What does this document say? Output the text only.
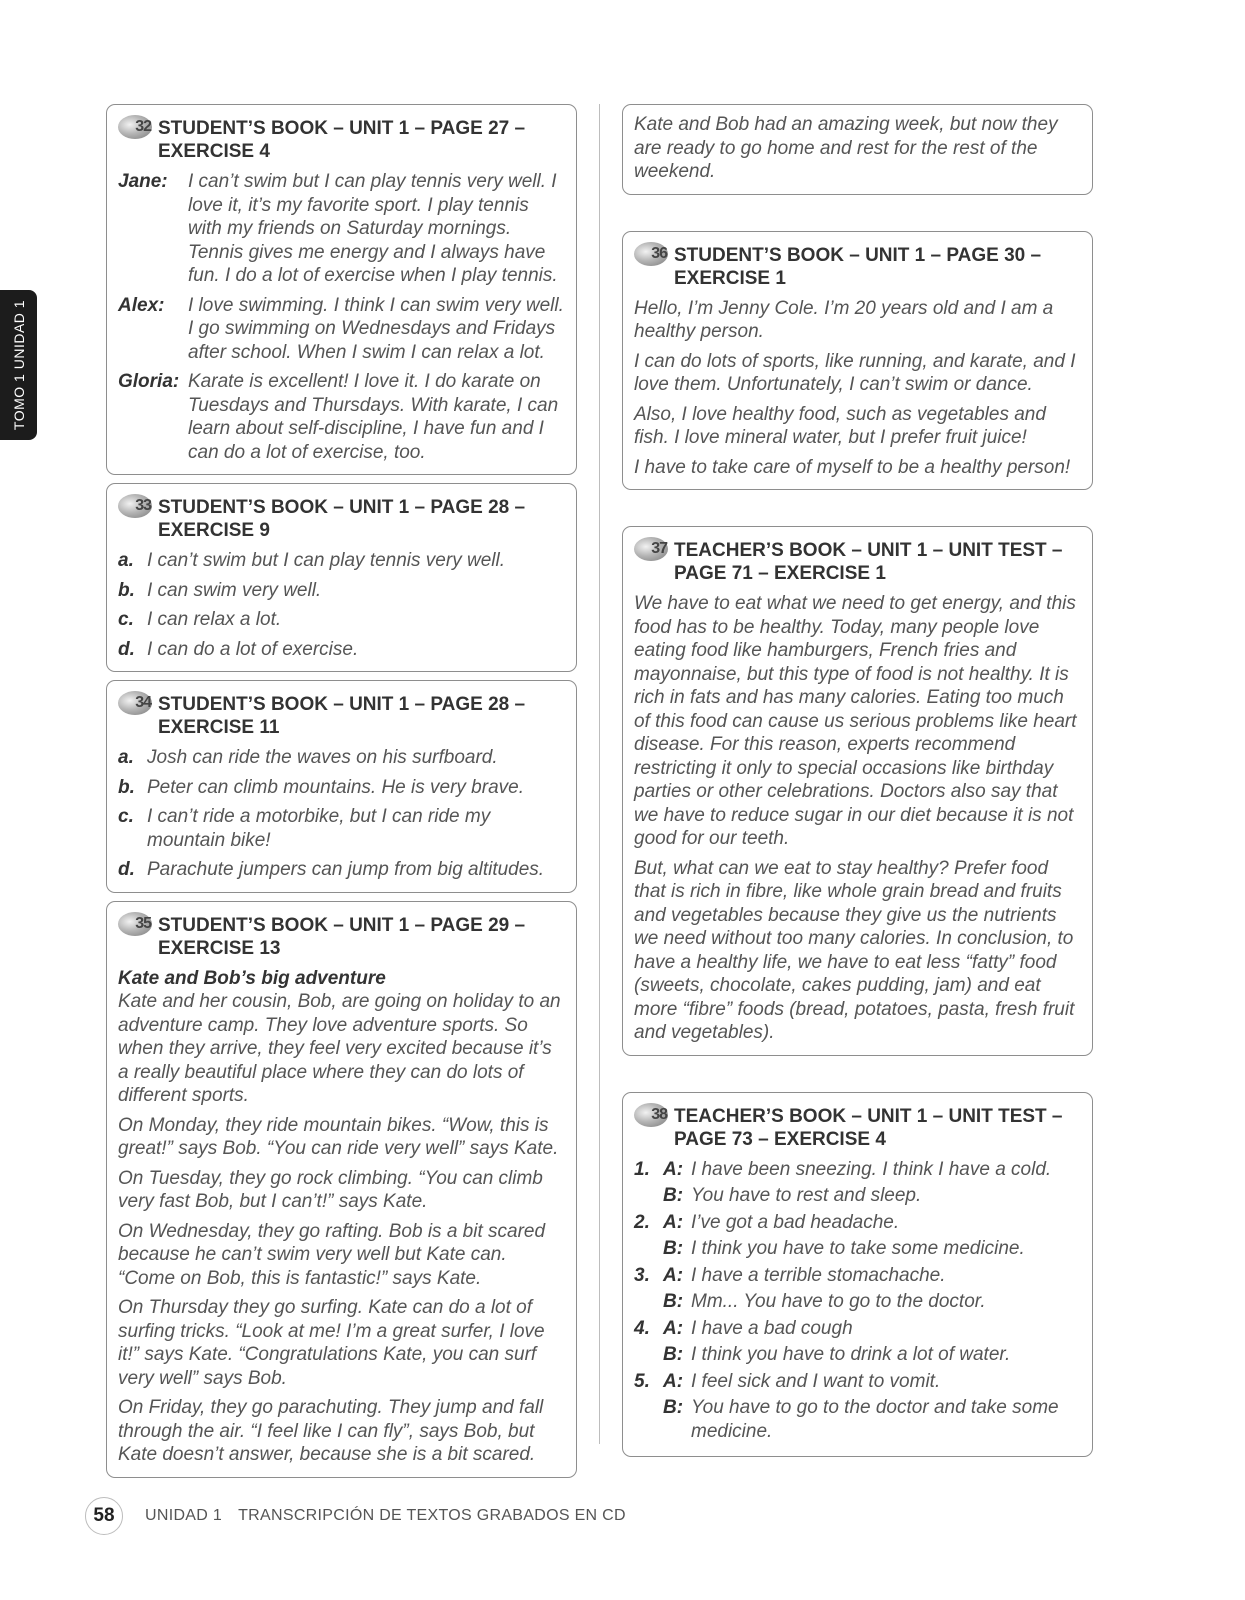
TOMO 1 UNIDAD 1
32 STUDENT’S BOOK – UNIT 1 – PAGE 27 – EXERCISE 4
Jane:	I can’t swim but I can play tennis very well. I love it, it’s my favorite sport. I play tennis with my friends on Saturday mornings. Tennis gives me energy and I always have fun. I do a lot of exercise when I play tennis.

Alex:	I love swimming. I think I can swim very well. I go swimming on Wednesdays and Fridays after school. When I swim I can relax a lot.

Gloria: Karate is excellent! I love it. I do karate on Tuesdays and Thursdays. With karate, I can learn about self-discipline, I have fun and I can do a lot of exercise, too.

33 STUDENT’S BOOK – UNIT 1 – PAGE 28 – EXERCISE 9
a. I can’t swim but I can play tennis very well.

b. I can swim very well.

c. I can relax a lot.

d. I can do a lot of exercise.

34 STUDENT’S BOOK – UNIT 1 – PAGE 28 – EXERCISE 11
a. Josh can ride the waves on his surfboard.

b. Peter can climb mountains. He is very brave.

c. I can’t ride a motorbike, but I can ride my mountain bike!

d. Parachute jumpers can jump from big altitudes.

35 STUDENT’S BOOK – UNIT 1 – PAGE 29 – EXERCISE 13

Kate and Bob’s big adventure

Kate and her cousin, Bob, are going on holiday to an adventure camp. They love adventure sports. So when they arrive, they feel very excited because it’s a really beautiful place where they can do lots of different sports.

On Monday, they ride mountain bikes. “Wow, this is great!” says Bob. “You can ride very well” says Kate.

On Tuesday, they go rock climbing. “You can climb very fast Bob, but I can’t!” says Kate.

On Wednesday, they go rafting. Bob is a bit scared because he can’t swim very well but Kate can. “Come on Bob, this is fantastic!” says Kate.

On Thursday they go surfing. Kate can do a lot of surfing tricks. “Look at me! I’m a great surfer, I love it!” says Kate. “Congratulations Kate, you can surf very well” says Bob.

On Friday, they go parachuting. They jump and fall through the air. “I feel like I can fly”, says Bob, but Kate doesn’t answer, because she is a bit scared.

Kate and Bob had an amazing week, but now they are ready to go home and rest for the rest of the weekend.

36 STUDENT’S BOOK – UNIT 1 – PAGE 30 – EXERCISE 1

Hello, I’m Jenny Cole. I’m 20 years old and I am a healthy person.

I can do lots of sports, like running, and karate, and I love them. Unfortunately, I can’t swim or dance.

Also, I love healthy food, such as vegetables and fish. I love mineral water, but I prefer fruit juice!

I have to take care of myself to be a healthy person!

37 TEACHER’S BOOK – UNIT 1 – UNIT TEST – PAGE 71 – EXERCISE 1

We have to eat what we need to get energy, and this food has to be healthy. Today, many people love eating food like hamburgers, French fries and mayonnaise, but this type of food is not healthy. It is rich in fats and has many calories. Eating too much of this food can cause us serious problems like heart disease. For this reason, experts recommend restricting it only to special occasions like birthday parties or other celebrations. Doctors also say that we have to reduce sugar in our diet because it is not good for our teeth.

But, what can we eat to stay healthy? Prefer food that is rich in fibre, like whole grain bread and fruits and vegetables because they give us the nutrients we need without too many calories. In conclusion, to have a healthy life, we have to eat less “fatty” food (sweets, chocolate, cakes pudding, jam) and eat more “fibre” foods (bread, potatoes, pasta, fresh fruit and vegetables).

38 TEACHER’S BOOK – UNIT 1 – UNIT TEST – PAGE 73 – EXERCISE 4
1. A: I have been sneezing. I think I have a cold.

B: You have to rest and sleep.

2. A: I’ve got a bad headache.

B: I think you have to take some medicine.

3. A: I have a terrible stomachache.

B: Mm... You have to go to the doctor.

4. A: I have a bad cough

B: I think you have to drink a lot of water.

5. A: I feel sick and I want to vomit.

B: You have to go to the doctor and take some medicine.

58	UNIDAD 1 TRANSCRIPCIÓN DE TEXTOS GRABADOS EN CD
